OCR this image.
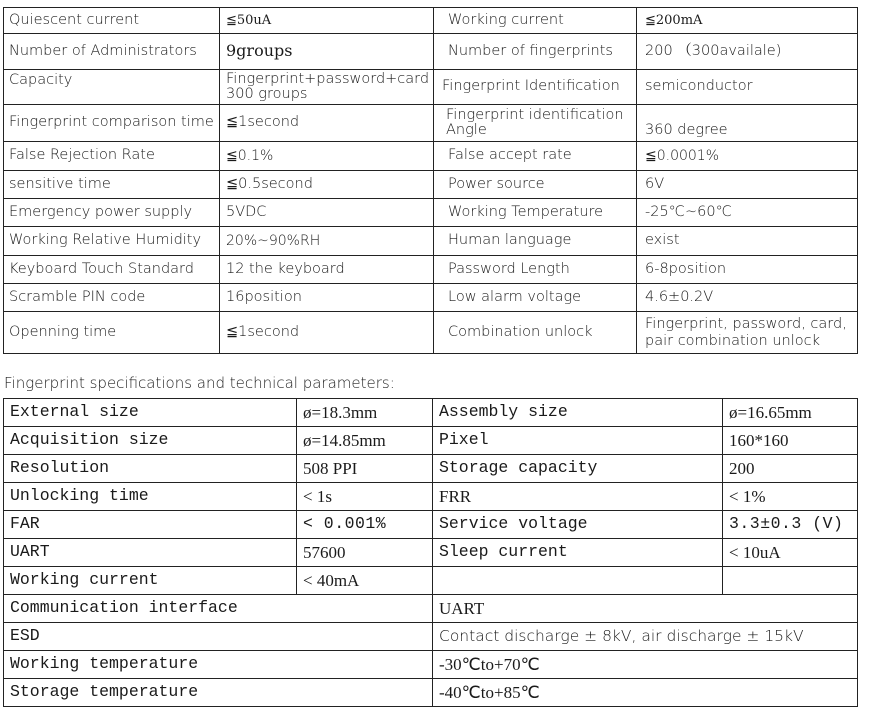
Quiescent current	≦50uA	Working current	≦200mA
Number of Administrators	9groups	Number of fingerprints	200 （300availale)
Capacity	Fingerprint+password+card 300 groups	Fingerprint Identification	semiconductor
Fingerprint comparison time	≦1second	Fingerprint identification Angle	360 degree
False Rejection Rate	≦0.1%	False accept rate	≦0.0001%
sensitive time	≦0.5second	Power source	6V
Emergency power supply	5VDC	Working Temperature	-25℃~60℃
Working Relative Humidity	20%~90%RH	Human language	exist
Keyboard Touch Standard	12 the keyboard	Password Length	6-8position
Scramble PIN code	16position	Low alarm voltage	4.6±0.2V
Openning time	≦1second	Combination unlock	Fingerprint, password, card, pair combination unlock

Fingerprint specifications and technical parameters:

External size	ø=18.3mm	Assembly size	ø=16.65mm
Acquisition size	ø=14.85mm	Pixel	160*160
Resolution	508 PPI	Storage capacity	200
Unlocking time	< 1s	FRR	< 1%
FAR	< 0.001%	Service voltage	3.3±0.3 (V)
UART	57600	Sleep current	< 10uA
Working current	< 40mA		
Communication interface		UART	
ESD		Contact discharge ± 8kV, air discharge ± 15kV	
Working temperature		-30℃to+70℃	
Storage temperature		-40℃to+85℃	
